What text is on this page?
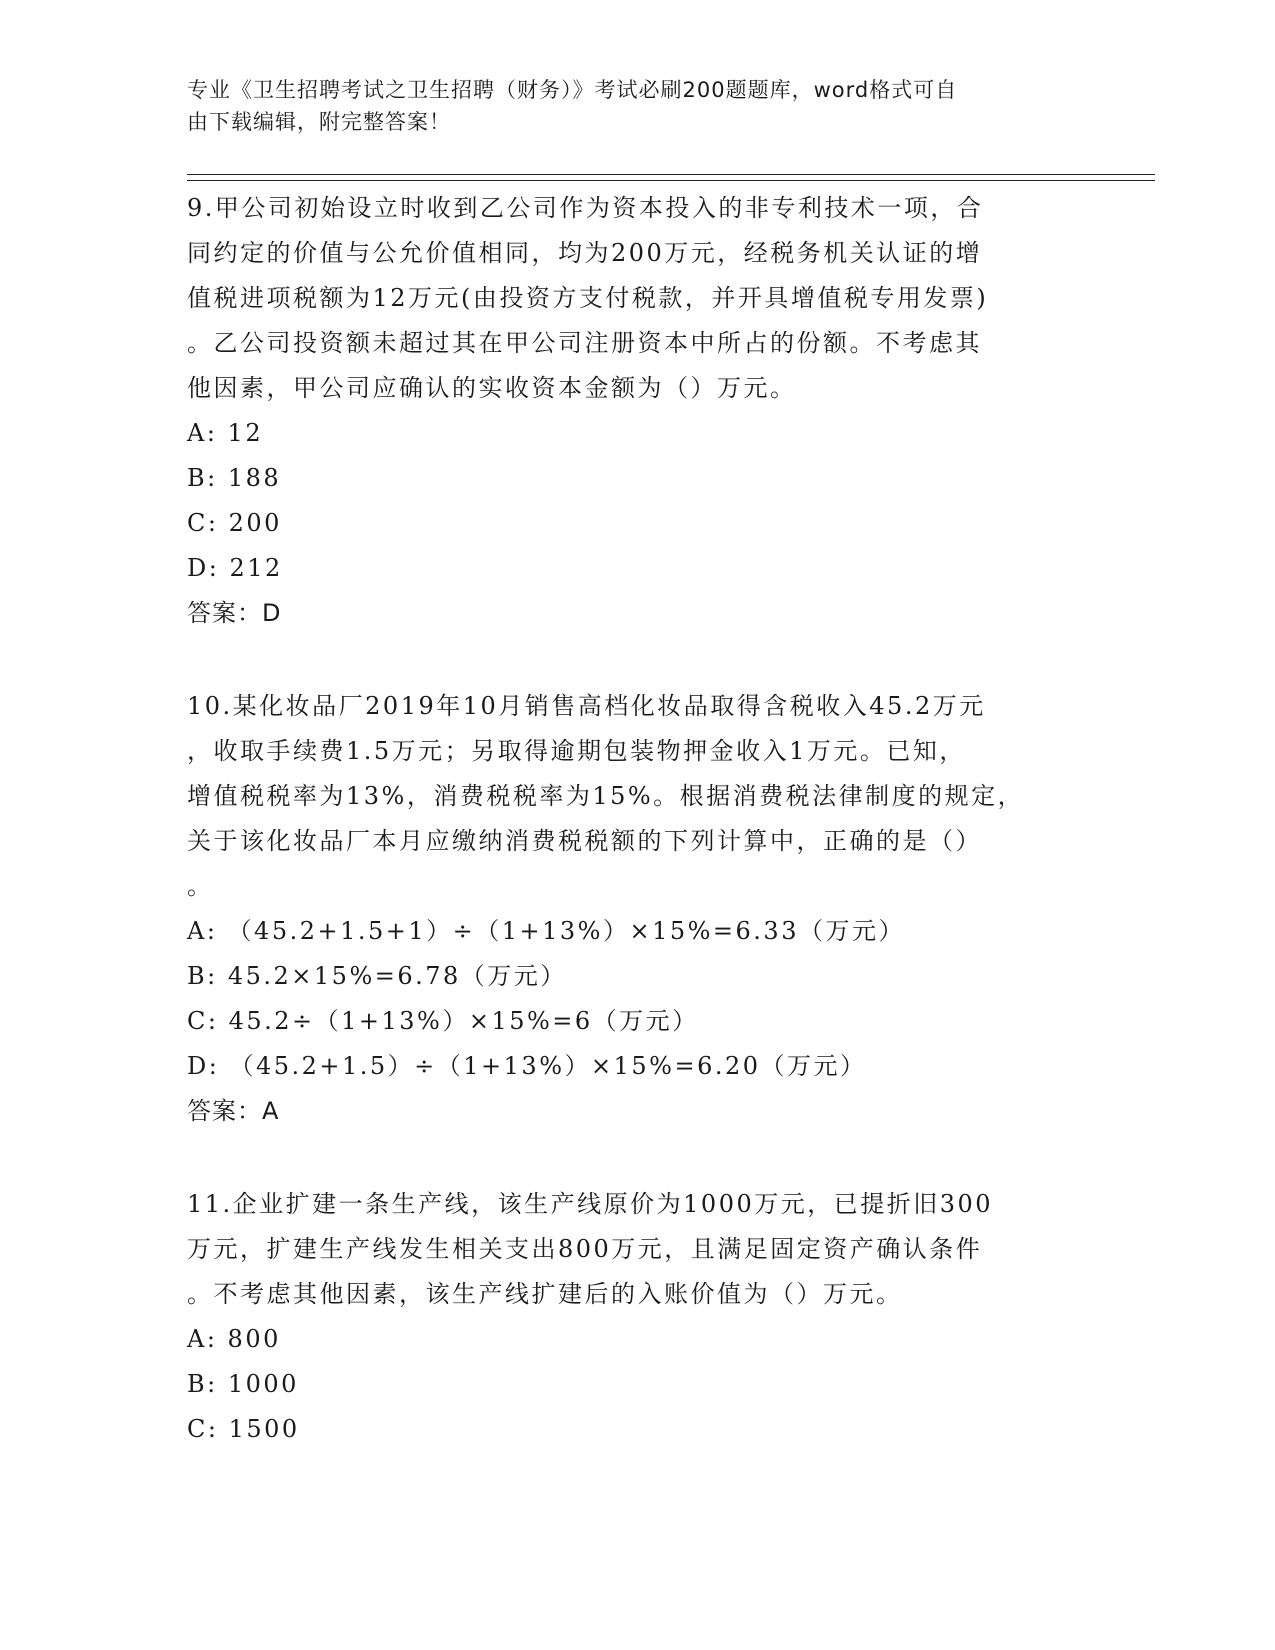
专业《卫生招聘考试之卫生招聘（财务）》考试必刷200题题库，word格式可自
由下载编辑，附完整答案！
9.甲公司初始设立时收到乙公司作为资本投入的非专利技术一项，合
同约定的价值与公允价值相同，均为200万元，经税务机关认证的增
值税进项税额为12万元(由投资方支付税款，并开具增值税专用发票)
。乙公司投资额未超过其在甲公司注册资本中所占的份额。不考虑其
他因素，甲公司应确认的实收资本金额为（）万元。
A: 12
B: 188
C: 200
D: 212
答案：D
10.某化妆品厂2019年10月销售高档化妆品取得含税收入45.2万元
，收取手续费1.5万元；另取得逾期包装物押金收入1万元。已知，
增值税税率为13%，消费税税率为15%。根据消费税法律制度的规定，
关于该化妆品厂本月应缴纳消费税税额的下列计算中，正确的是（）
。
A: （45.2+1.5+1）÷（1+13%）×15%=6.33（万元）
B: 45.2×15%=6.78（万元）
C: 45.2÷（1+13%）×15%=6（万元）
D: （45.2+1.5）÷（1+13%）×15%=6.20（万元）
答案：A
11.企业扩建一条生产线，该生产线原价为1000万元，已提折旧300
万元，扩建生产线发生相关支出800万元，且满足固定资产确认条件
。不考虑其他因素，该生产线扩建后的入账价值为（）万元。
A: 800
B: 1000
C: 1500
